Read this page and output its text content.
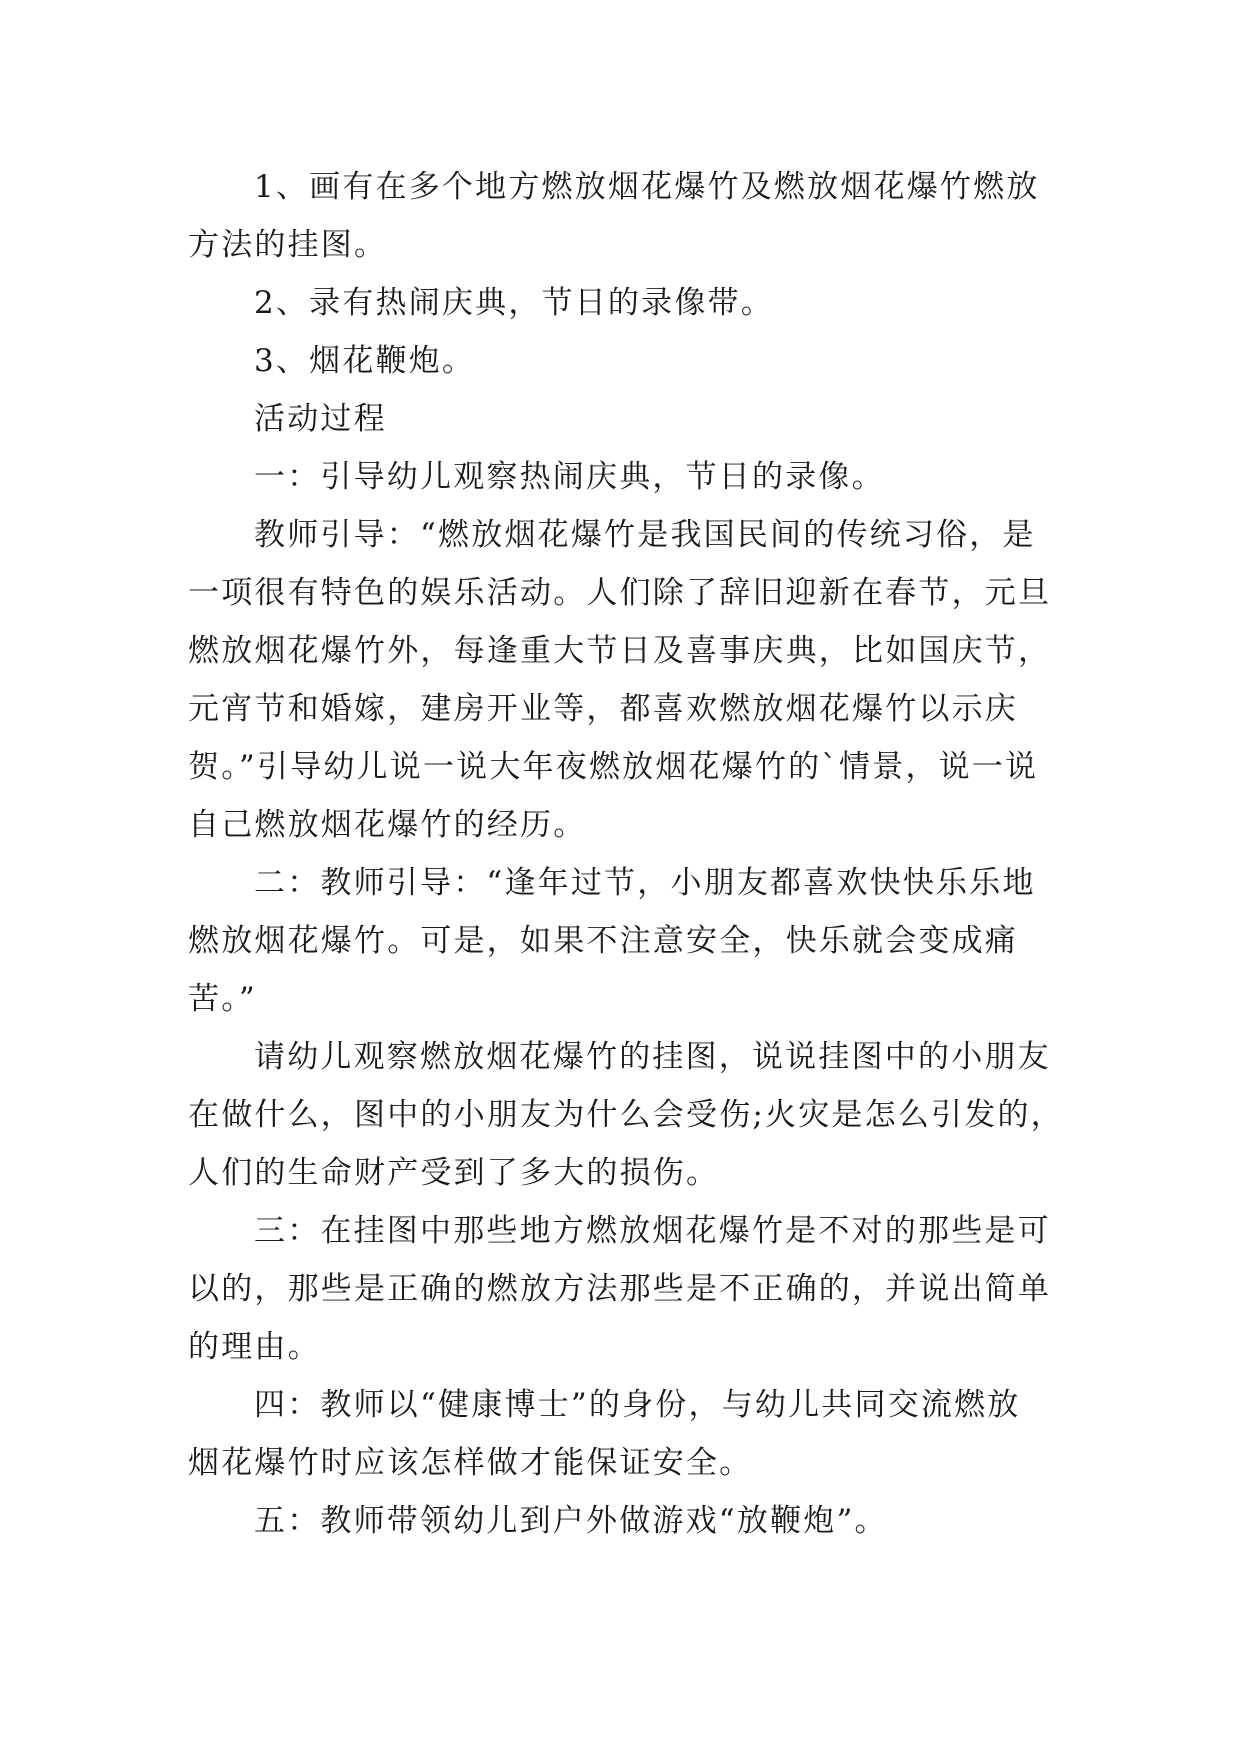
1、画有在多个地方燃放烟花爆竹及燃放烟花爆竹燃放
方法的挂图。
2、录有热闹庆典，节日的录像带。
3、烟花鞭炮。
活动过程
一：引导幼儿观察热闹庆典，节日的录像。
教师引导：“燃放烟花爆竹是我国民间的传统习俗，是
一项很有特色的娱乐活动。人们除了辞旧迎新在春节，元旦
燃放烟花爆竹外，每逢重大节日及喜事庆典，比如国庆节，
元宵节和婚嫁，建房开业等，都喜欢燃放烟花爆竹以示庆
贺。”引导幼儿说一说大年夜燃放烟花爆竹的`情景，说一说
自己燃放烟花爆竹的经历。
二：教师引导：“逢年过节，小朋友都喜欢快快乐乐地
燃放烟花爆竹。可是，如果不注意安全，快乐就会变成痛
苦。”
请幼儿观察燃放烟花爆竹的挂图，说说挂图中的小朋友
在做什么，图中的小朋友为什么会受伤;火灾是怎么引发的，
人们的生命财产受到了多大的损伤。
三：在挂图中那些地方燃放烟花爆竹是不对的那些是可
以的，那些是正确的燃放方法那些是不正确的，并说出简单
的理由。
四：教师以“健康博士”的身份，与幼儿共同交流燃放
烟花爆竹时应该怎样做才能保证安全。
五：教师带领幼儿到户外做游戏“放鞭炮”。
